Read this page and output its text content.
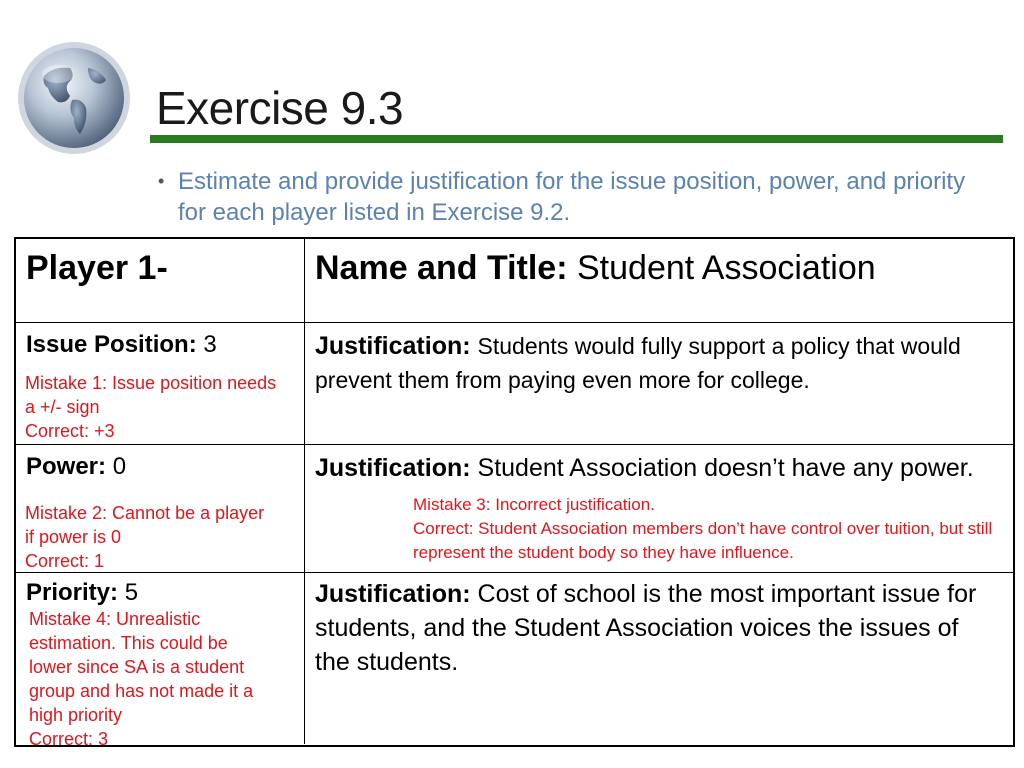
Exercise 9.3
• Estimate and provide justification for the issue position, power, and priority for each player listed in Exercise 9.2.
Player 1-	Name and Title: Student Association
Issue Position: 3
Mistake 1: Issue position needs a +/- sign
Correct: +3
Justification: Students would fully support a policy that would prevent them from paying even more for college.
Power: 0
Mistake 2: Cannot be a player if power is 0
Correct: 1
Justification: Student Association doesn’t have any power.
Mistake 3: Incorrect justification.
Correct: Student Association members don’t have control over tuition, but still represent the student body so they have influence.
Priority: 5
Mistake 4: Unrealistic estimation. This could be lower since SA is a student group and has not made it a high priority
Correct: 3
Justification: Cost of school is the most important issue for students, and the Student Association voices the issues of the students.
